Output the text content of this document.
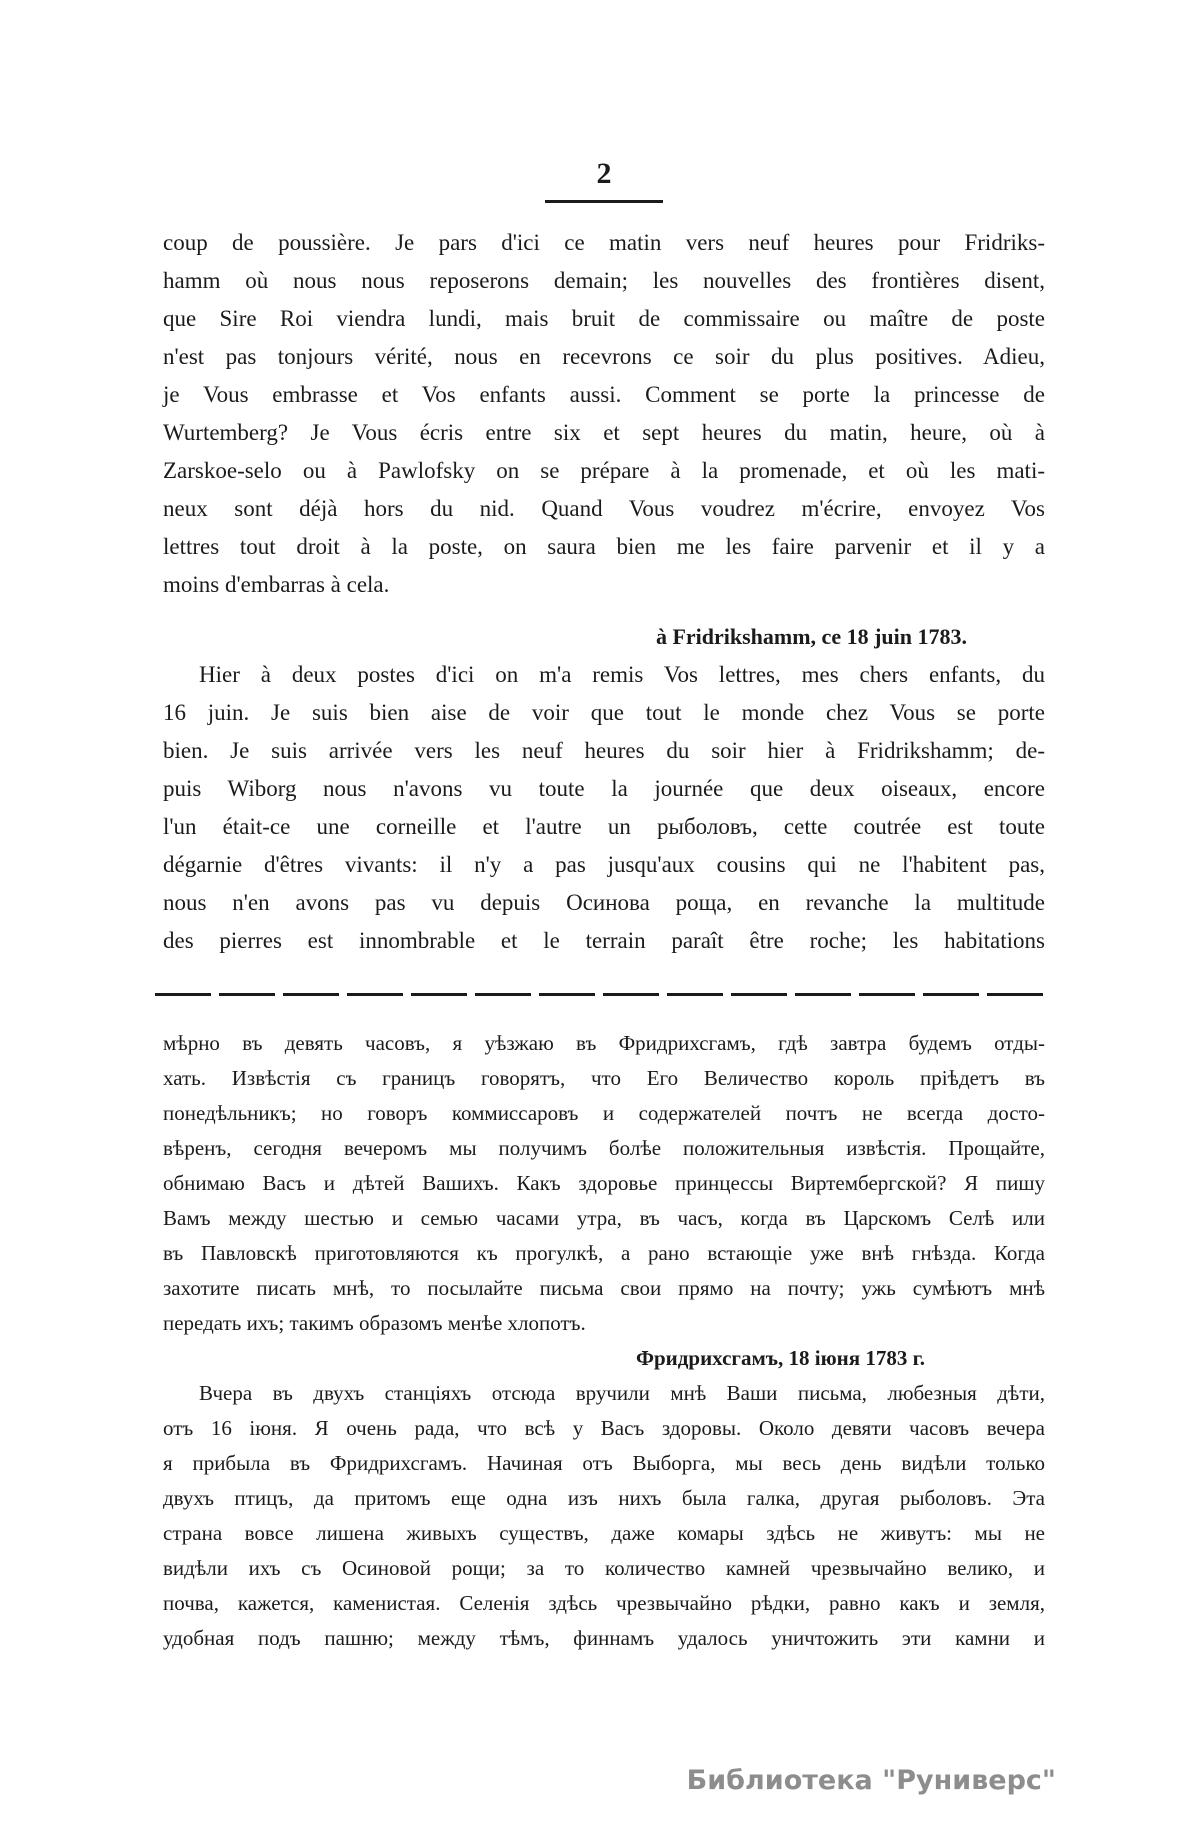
2
coup de poussière. Je pars d'ici ce matin vers neuf heures pour Fridriks-
hamm où nous nous reposerons demain; les nouvelles des frontières disent,
que Sire Roi viendra lundi, mais bruit de commissaire ou maître de poste
n'est pas tonjours vérité, nous en recevrons ce soir du plus positives. Adieu,
je Vous embrasse et Vos enfants aussi. Comment se porte la princesse de
Wurtemberg? Je Vous écris entre six et sept heures du matin, heure, où à
Zarskoe-selo ou à Pawlofsky on se prépare à la promenade, et où les mati-
neux sont déjà hors du nid. Quand Vous voudrez m'écrire, envoyez Vos
lettres tout droit à la poste, on saura bien me les faire parvenir et il y a
moins d'embarras à cela.
à Fridrikshamm, ce 18 juin 1783.
Hier à deux postes d'ici on m'a remis Vos lettres, mes chers enfants, du
16 juin. Je suis bien aise de voir que tout le monde chez Vous se porte
bien. Je suis arrivée vers les neuf heures du soir hier à Fridrikshamm; de-
puis Wiborg nous n'avons vu toute la journée que deux oiseaux, encore
l'un était-ce une corneille et l'autre un рыболовъ, cette coutrée est toute
dégarnie d'êtres vivants: il n'y a pas jusqu'aux cousins qui ne l'habitent pas,
nous n'en avons pas vu depuis Осинова роща, en revanche la multitude
des pierres est innombrable et le terrain paraît être roche; les habitations
мѣрно въ девять часовъ, я уѣзжаю въ Фридрихсгамъ, гдѣ завтра будемъ отды-
хать. Извѣстія съ границъ говорятъ, что Его Величество король пріѣдетъ въ
понедѣльникъ; но говоръ коммиссаровъ и содержателей почтъ не всегда досто-
вѣренъ, сегодня вечеромъ мы получимъ болѣе положительныя извѣстія. Прощайте,
обнимаю Васъ и дѣтей Вашихъ. Какъ здоровье принцессы Виртембергской? Я пишу
Вамъ между шестью и семью часами утра, въ часъ, когда въ Царскомъ Селѣ или
въ Павловскѣ приготовляются къ прогулкѣ, а рано встающіе уже внѣ гнѣзда. Когда
захотите писать мнѣ, то посылайте письма свои прямо на почту; ужь сумѣютъ мнѣ
передать ихъ; такимъ образомъ менѣе хлопотъ.
Фридрихсгамъ, 18 іюня 1783 г.
Вчера въ двухъ станціяхъ отсюда вручили мнѣ Ваши письма, любезныя дѣти,
отъ 16 іюня. Я очень рада, что всѣ у Васъ здоровы. Около девяти часовъ вечера
я прибыла въ Фридрихсгамъ. Начиная отъ Выборга, мы весь день видѣли только
двухъ птицъ, да притомъ еще одна изъ нихъ была галка, другая рыболовъ. Эта
страна вовсе лишена живыхъ существъ, даже комары здѣсь не живутъ: мы не
видѣли ихъ съ Осиновой рощи; за то количество камней чрезвычайно велико, и
почва, кажется, каменистая. Селенія здѣсь чрезвычайно рѣдки, равно какъ и земля,
удобная подъ пашню; между тѣмъ, финнамъ удалось уничтожить эти камни и
Библиотека "Руниверс"
